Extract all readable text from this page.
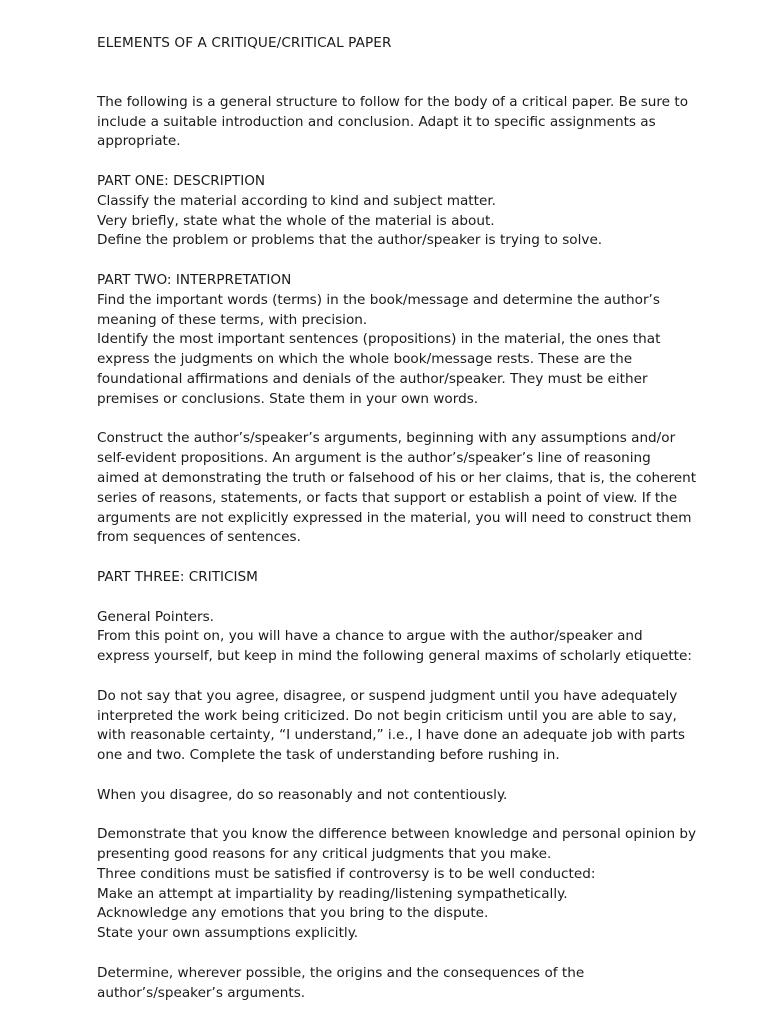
ELEMENTS OF A CRITIQUE/CRITICAL PAPER

The following is a general structure to follow for the body of a critical paper. Be sure to include a suitable introduction and conclusion. Adapt it to specific assignments as appropriate.

PART ONE: DESCRIPTION
Classify the material according to kind and subject matter.
Very briefly, state what the whole of the material is about.
Define the problem or problems that the author/speaker is trying to solve.
PART TWO: INTERPRETATION
Find the important words (terms) in the book/message and determine the author’s meaning of these terms, with precision.
Identify the most important sentences (propositions) in the material, the ones that express the judgments on which the whole book/message rests. These are the foundational affirmations and denials of the author/speaker. They must be either premises or conclusions. State them in your own words.

Construct the author’s/speaker’s arguments, beginning with any assumptions and/or self-evident propositions. An argument is the author’s/speaker’s line of reasoning aimed at demonstrating the truth or falsehood of his or her claims, that is, the coherent series of reasons, statements, or facts that support or establish a point of view. If the arguments are not explicitly expressed in the material, you will need to construct them from sequences of sentences.

PART THREE: CRITICISM

General Pointers.
From this point on, you will have a chance to argue with the author/speaker and express yourself, but keep in mind the following general maxims of scholarly etiquette:

Do not say that you agree, disagree, or suspend judgment until you have adequately interpreted the work being criticized. Do not begin criticism until you are able to say, with reasonable certainty, “I understand,” i.e., I have done an adequate job with parts one and two. Complete the task of understanding before rushing in.

When you disagree, do so reasonably and not contentiously.

Demonstrate that you know the difference between knowledge and personal opinion by presenting good reasons for any critical judgments that you make.
Three conditions must be satisfied if controversy is to be well conducted:
Make an attempt at impartiality by reading/listening sympathetically.
Acknowledge any emotions that you bring to the dispute.
State your own assumptions explicitly.

Determine, wherever possible, the origins and the consequences of the author’s/speaker’s arguments.
